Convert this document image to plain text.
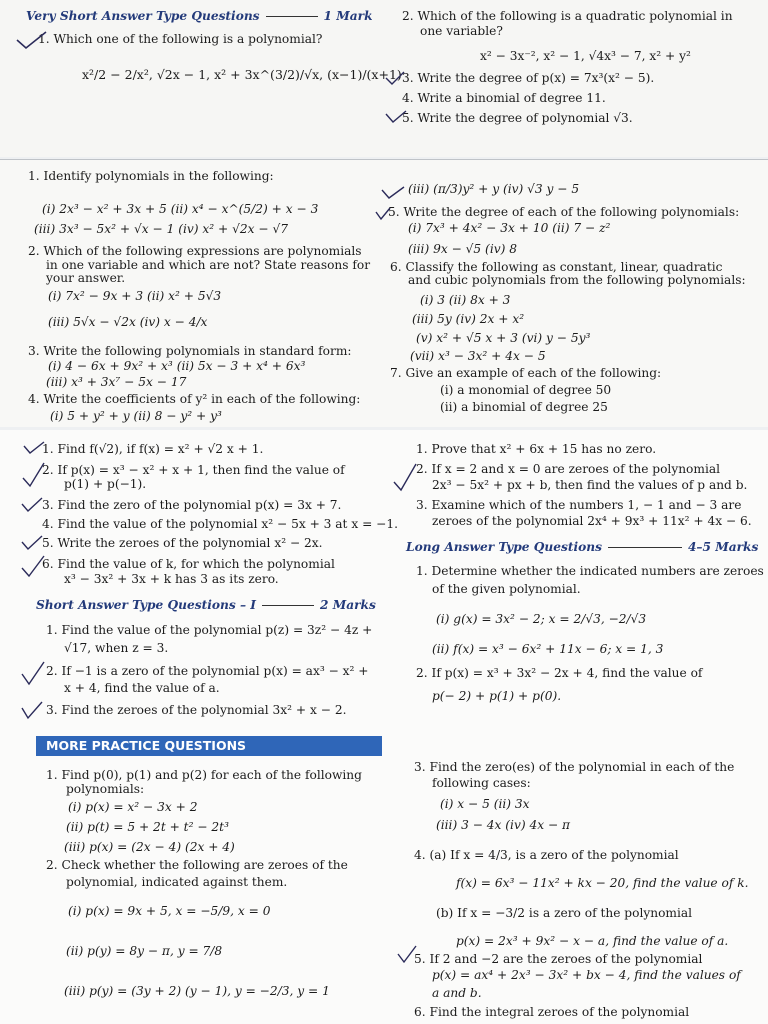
Very Short Answer Type Questions	1 Mark
1. Which one of the following is a polynomial?
x²/2 − 2/x², √2x − 1, x² + 3x^(3/2)/√x, (x−1)/(x+1)
2. Which of the following is a quadratic polynomial in
one variable?
x² − 3x⁻², x² − 1, √4x³ − 7, x² + y²
3. Write the degree of p(x) = 7x³(x² − 5).
4. Write a binomial of degree 11.
5. Write the degree of polynomial √3.
1. Identify polynomials in the following:
(i) 2x³ − x² + 3x + 5 (ii) x⁴ − x^(5/2) + x − 3
(iii) 3x³ − 5x² + √x − 1 (iv) x² + √2x − √7
2. Which of the following expressions are polynomials
in one variable and which are not? State reasons for
your answer.
(i) 7x² − 9x + 3 (ii) x² + 5√3
(iii) 5√x − √2x (iv) x − 4/x
3. Write the following polynomials in standard form:
(i) 4 − 6x + 9x² + x³ (ii) 5x − 3 + x⁴ + 6x³
(iii) x³ + 3x⁷ − 5x − 17
4. Write the coefficients of y² in each of the following:
(i) 5 + y² + y (ii) 8 − y² + y³
(iii) (π/3)y² + y (iv) √3 y − 5
5. Write the degree of each of the following polynomials:
(i) 7x³ + 4x² − 3x + 10 (ii) 7 − z²
(iii) 9x − √5 (iv) 8
6. Classify the following as constant, linear, quadratic
and cubic polynomials from the following polynomials:
(i) 3 (ii) 8x + 3
(iii) 5y (iv) 2x + x²
(v) x² + √5 x + 3 (vi) y − 5y³
(vii) x³ − 3x² + 4x − 5
7. Give an example of each of the following:
(i) a monomial of degree 50
(ii) a binomial of degree 25
1. Find f(√2), if f(x) = x² + √2 x + 1.
2. If p(x) = x³ − x² + x + 1, then find the value of
p(1) + p(−1).
3. Find the zero of the polynomial p(x) = 3x + 7.
4. Find the value of the polynomial x² − 5x + 3 at x = −1.
5. Write the zeroes of the polynomial x² − 2x.
6. Find the value of k, for which the polynomial
x³ − 3x² + 3x + k has 3 as its zero.
Short Answer Type Questions – I	2 Marks
1. Find the value of the polynomial p(z) = 3z² − 4z +
√17, when z = 3.
2. If −1 is a zero of the polynomial p(x) = ax³ − x² +
x + 4, find the value of a.
3. Find the zeroes of the polynomial 3x² + x − 2.
MORE PRACTICE QUESTIONS
1. Find p(0), p(1) and p(2) for each of the following
polynomials:
(i) p(x) = x² − 3x + 2
(ii) p(t) = 5 + 2t + t² − 2t³
(iii) p(x) = (2x − 4) (2x + 4)
2. Check whether the following are zeroes of the
polynomial, indicated against them.
(i) p(x) = 9x + 5, x = −5/9, x = 0
(ii) p(y) = 8y − π, y = 7/8
(iii) p(y) = (3y + 2) (y − 1), y = −2/3, y = 1
1. Prove that x² + 6x + 15 has no zero.
2. If x = 2 and x = 0 are zeroes of the polynomial
2x³ − 5x² + px + b, then find the values of p and b.
3. Examine which of the numbers 1, − 1 and − 3 are
zeroes of the polynomial 2x⁴ + 9x³ + 11x² + 4x − 6.
Long Answer Type Questions	4–5 Marks
1. Determine whether the indicated numbers are zeroes
of the given polynomial.
(i) g(x) = 3x² − 2; x = 2/√3, −2/√3
(ii) f(x) = x³ − 6x² + 11x − 6; x = 1, 3
2. If p(x) = x³ + 3x² − 2x + 4, find the value of
p(− 2) + p(1) + p(0).
3. Find the zero(es) of the polynomial in each of the
following cases:
(i) x − 5 (ii) 3x
(iii) 3 − 4x (iv) 4x − π
4. (a) If x = 4/3, is a zero of the polynomial
f(x) = 6x³ − 11x² + kx − 20, find the value of k.
(b) If x = −3/2 is a zero of the polynomial
p(x) = 2x³ + 9x² − x − a, find the value of a.
5. If 2 and −2 are the zeroes of the polynomial
p(x) = ax⁴ + 2x³ − 3x² + bx − 4, find the values of
a and b.
6. Find the integral zeroes of the polynomial
